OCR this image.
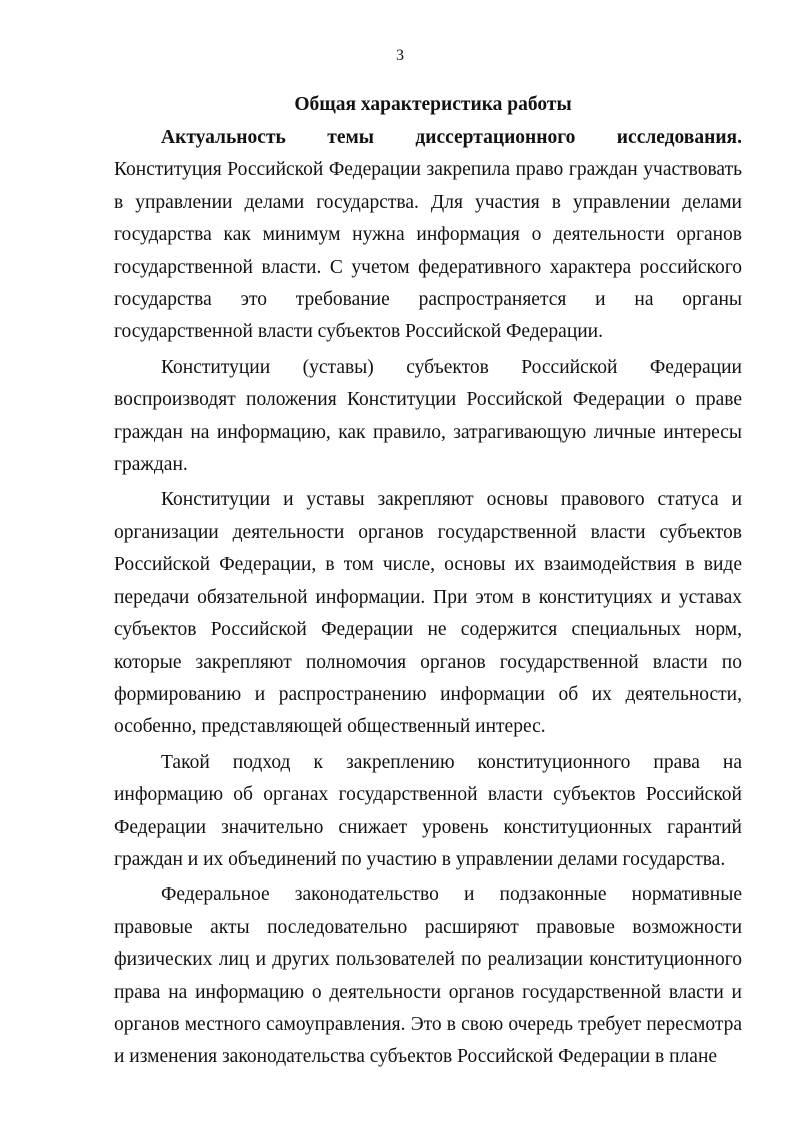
3
Общая характеристика работы

Актуальность темы диссертационного исследования. Конституция Российской Федерации закрепила право граждан участвовать в управлении делами государства. Для участия в управлении делами государства как минимум нужна информация о деятельности органов государственной власти. С учетом федеративного характера российского государства это требование распространяется и на органы государственной власти субъектов Российской Федерации.

Конституции (уставы) субъектов Российской Федерации воспроизводят положения Конституции Российской Федерации о праве граждан на информацию, как правило, затрагивающую личные интересы граждан.

Конституции и уставы закрепляют основы правового статуса и организации деятельности органов государственной власти субъектов Российской Федерации, в том числе, основы их взаимодействия в виде передачи обязательной информации. При этом в конституциях и уставах субъектов Российской Федерации не содержится специальных норм, которые закрепляют полномочия органов государственной власти по формированию и распространению информации об их деятельности, особенно, представляющей общественный интерес.

Такой подход к закреплению конституционного права на информацию об органах государственной власти субъектов Российской Федерации значительно снижает уровень конституционных гарантий граждан и их объединений по участию в управлении делами государства.

Федеральное законодательство и подзаконные нормативные правовые акты последовательно расширяют правовые возможности физических лиц и других пользователей по реализации конституционного права на информацию о деятельности органов государственной власти и органов местного самоуправления. Это в свою очередь требует пересмотра и изменения законодательства субъектов Российской Федерации в плане
